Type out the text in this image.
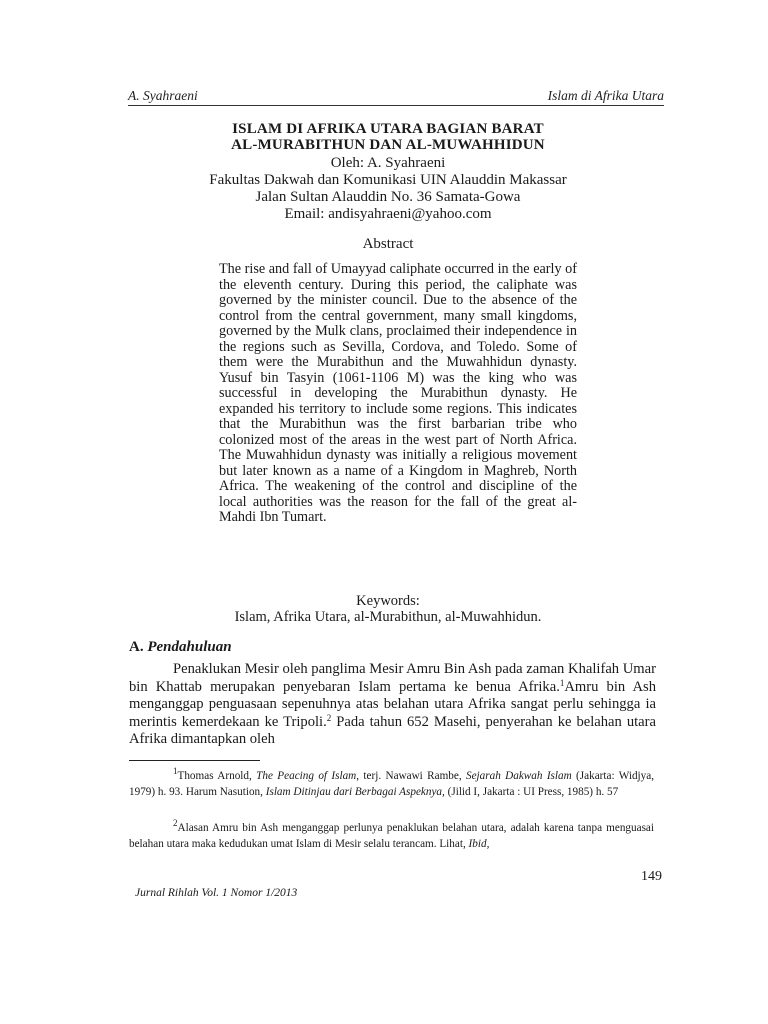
A. Syahraeni	Islam di Afrika Utara
ISLAM DI AFRIKA UTARA BAGIAN BARAT
AL-MURABITHUN DAN AL-MUWAHHIDUN
Oleh: A. Syahraeni
Fakultas Dakwah dan Komunikasi UIN Alauddin Makassar
Jalan Sultan Alauddin No. 36 Samata-Gowa
Email: andisyahraeni@yahoo.com
Abstract
The rise and fall of Umayyad caliphate occurred in the early of the eleventh century. During this period, the caliphate was governed by the minister council. Due to the absence of the control from the central government, many small kingdoms, governed by the Mulk clans, proclaimed their independence in the regions such as Sevilla, Cordova, and Toledo. Some of them were the Murabithun and the Muwahhidun dynasty. Yusuf bin Tasyin (1061-1106 M) was the king who was successful in developing the Murabithun dynasty. He expanded his territory to include some regions. This indicates that the Murabithun was the first barbarian tribe who colonized most of the areas in the west part of North Africa. The Muwahhidun dynasty was initially a religious movement but later known as a name of a Kingdom in Maghreb, North Africa. The weakening of the control and discipline of the local authorities was the reason for the fall of the great al-Mahdi Ibn Tumart.
Keywords:
Islam, Afrika Utara, al-Murabithun, al-Muwahhidun.
A. Pendahuluan
Penaklukan Mesir oleh panglima Mesir Amru Bin Ash pada zaman Khalifah Umar bin Khattab merupakan penyebaran Islam pertama ke benua Afrika.$^1$Amru bin Ash menganggap penguasaan sepenuhnya atas belahan utara Afrika sangat perlu sehingga ia merintis kemerdekaan ke Tripoli.$^2$ Pada tahun 652 Masehi, penyerahan ke belahan utara Afrika dimantapkan oleh
$^1$Thomas Arnold, The Peacing of Islam, terj. Nawawi Rambe, Sejarah Dakwah Islam (Jakarta: Widjya, 1979) h. 93. Harum Nasution, Islam Ditinjau dari Berbagai Aspeknya, (Jilid I, Jakarta : UI Press, 1985) h. 57
$^2$Alasan Amru bin Ash menganggap perlunya penaklukan belahan utara, adalah karena tanpa menguasai belahan utara maka kedudukan umat Islam di Mesir selalu terancam. Lihat, Ibid,
149
Jurnal Rihlah Vol. 1 Nomor 1/2013
